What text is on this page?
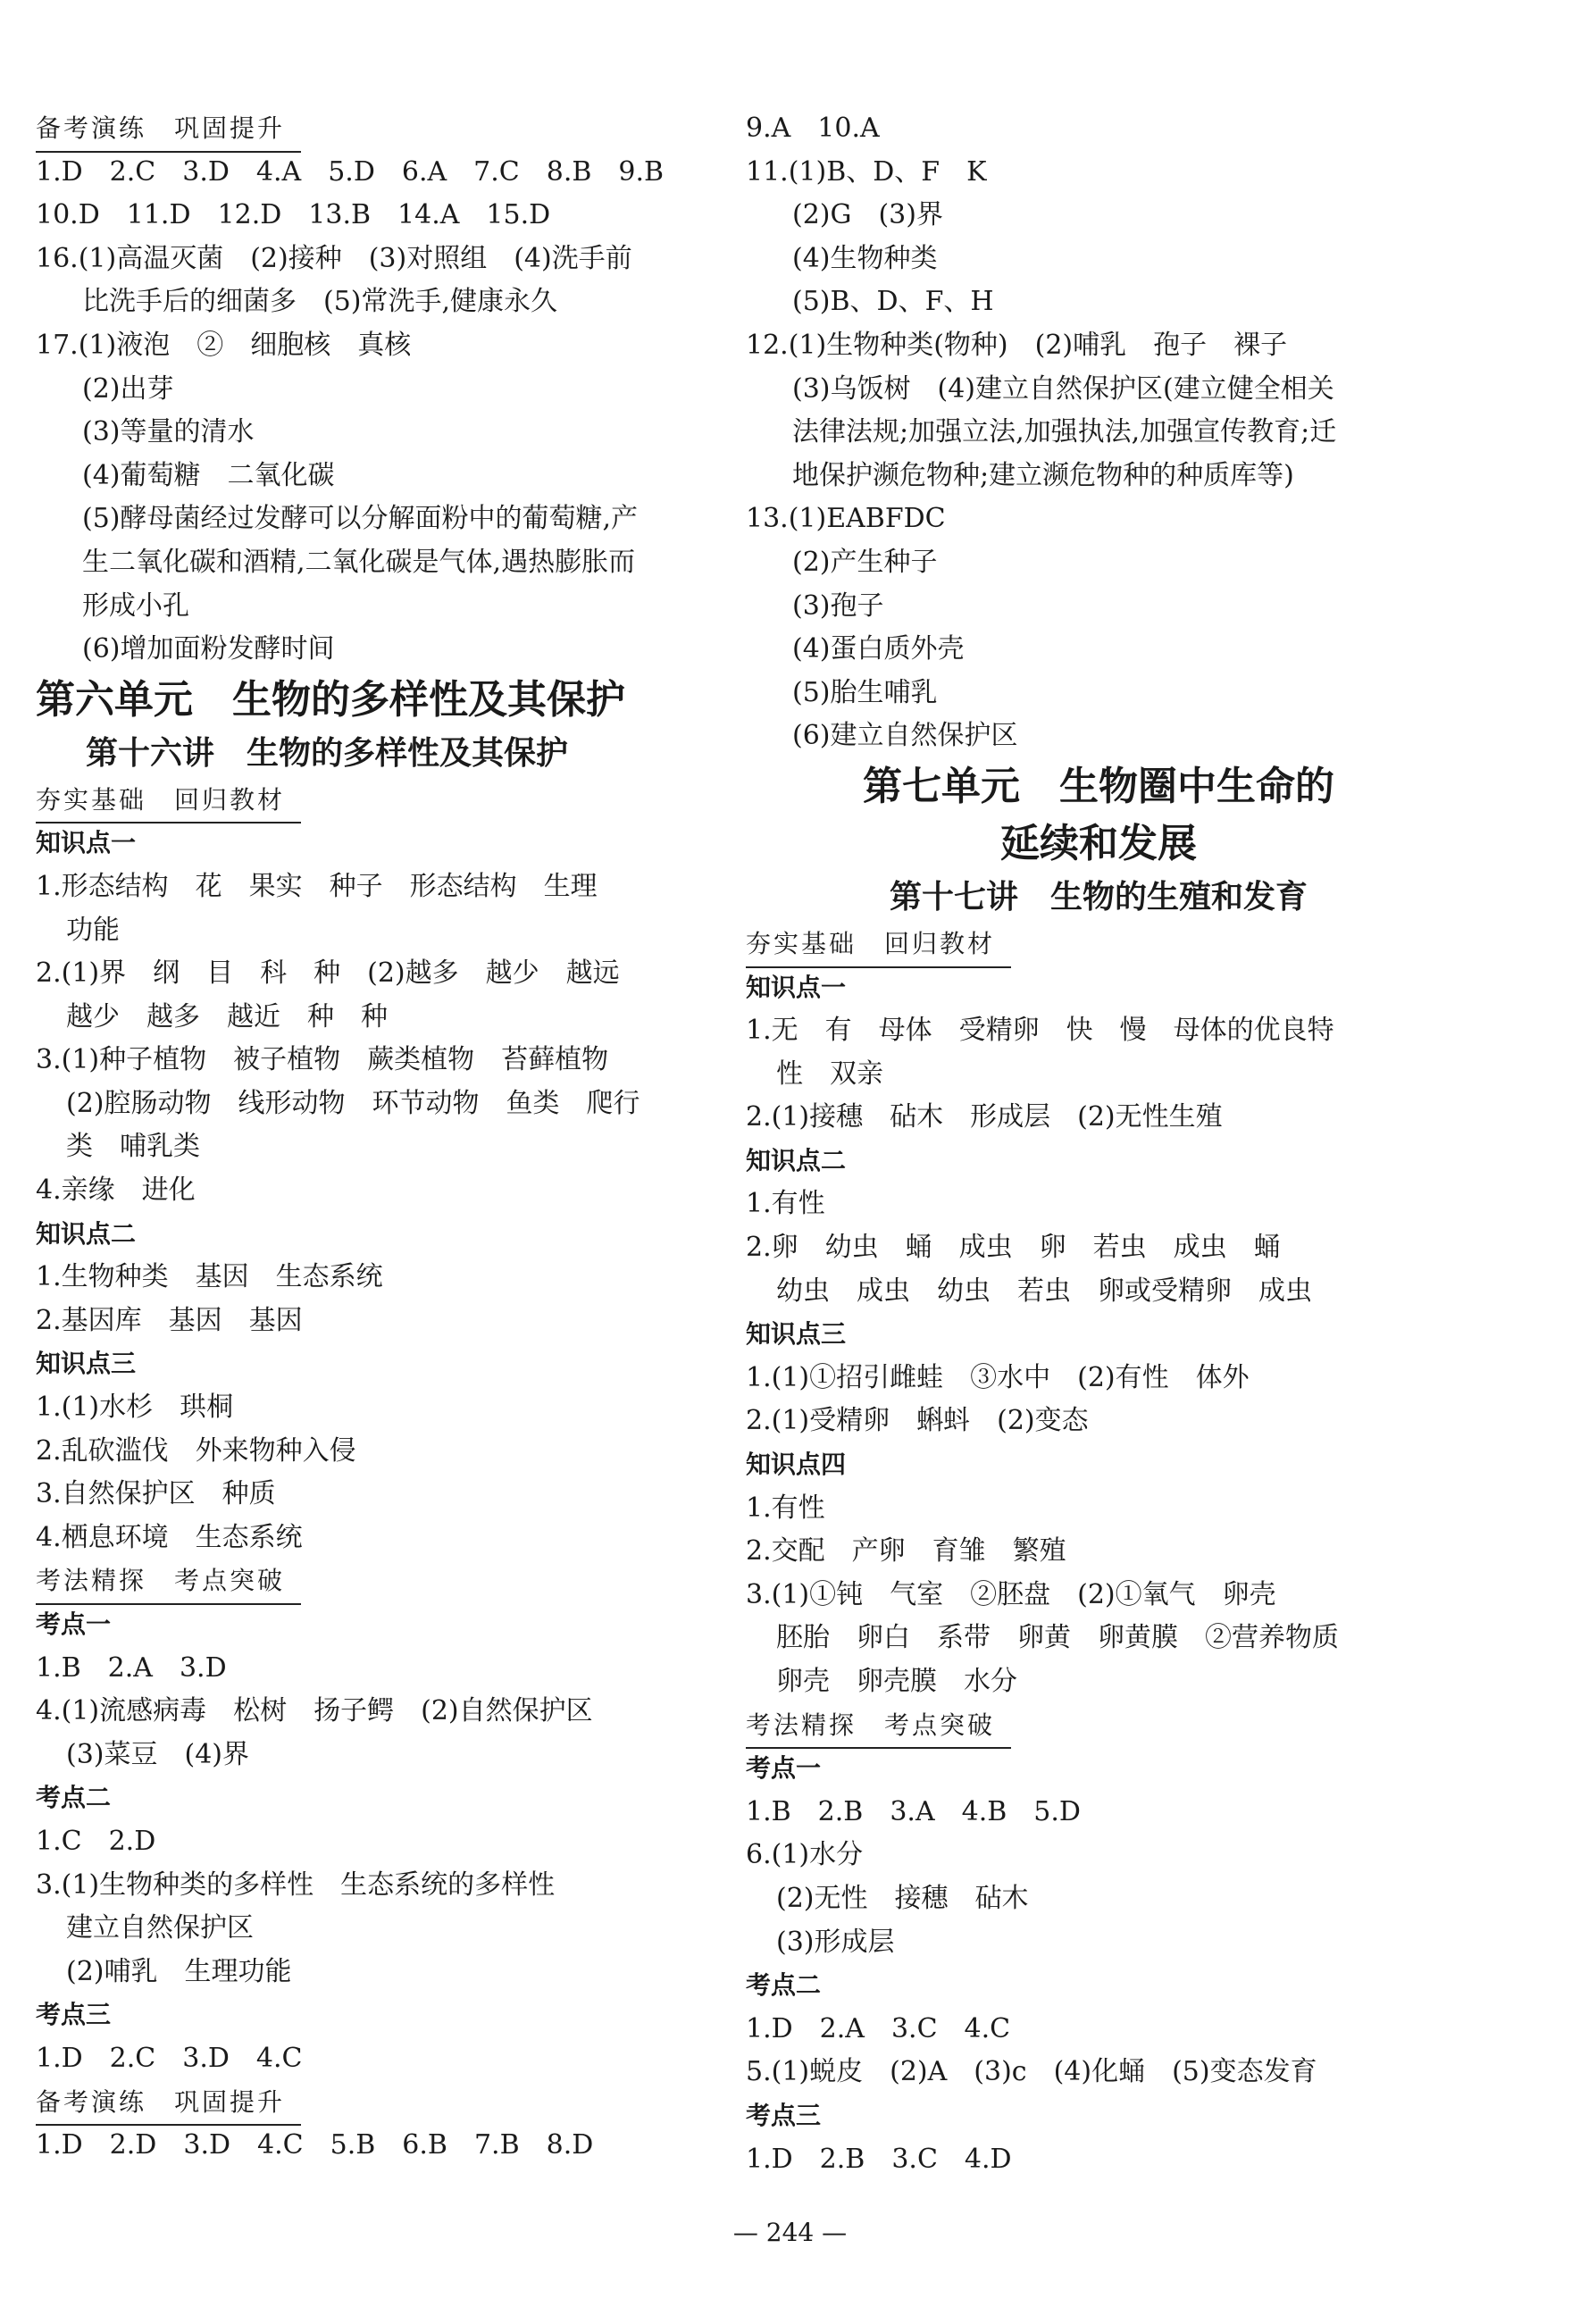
备考演练　巩固提升
1.D　2.C　3.D　4.A　5.D　6.A　7.C　8.B　9.B
10.D　11.D　12.D　13.B　14.A　15.D
16.(1)高温灭菌　(2)接种　(3)对照组　(4)洗手前
比洗手后的细菌多　(5)常洗手,健康永久
17.(1)液泡　②　细胞核　真核
(2)出芽
(3)等量的清水
(4)葡萄糖　二氧化碳
(5)酵母菌经过发酵可以分解面粉中的葡萄糖,产
生二氧化碳和酒精,二氧化碳是气体,遇热膨胀而
形成小孔
(6)增加面粉发酵时间
第六单元　生物的多样性及其保护
第十六讲　生物的多样性及其保护
夯实基础　回归教材
知识点一
1.形态结构　花　果实　种子　形态结构　生理
功能
2.(1)界　纲　目　科　种　(2)越多　越少　越远
越少　越多　越近　种　种
3.(1)种子植物　被子植物　蕨类植物　苔藓植物
(2)腔肠动物　线形动物　环节动物　鱼类　爬行
类　哺乳类
4.亲缘　进化
知识点二
1.生物种类　基因　生态系统
2.基因库　基因　基因
知识点三
1.(1)水杉　珙桐
2.乱砍滥伐　外来物种入侵
3.自然保护区　种质
4.栖息环境　生态系统
考法精探　考点突破
考点一
1.B　2.A　3.D
4.(1)流感病毒　松树　扬子鳄　(2)自然保护区
(3)菜豆　(4)界
考点二
1.C　2.D
3.(1)生物种类的多样性　生态系统的多样性
建立自然保护区
(2)哺乳　生理功能
考点三
1.D　2.C　3.D　4.C
备考演练　巩固提升
1.D　2.D　3.D　4.C　5.B　6.B　7.B　8.D
9.A　10.A
11.(1)B、D、F　K
(2)G　(3)界
(4)生物种类
(5)B、D、F、H
12.(1)生物种类(物种)　(2)哺乳　孢子　裸子
(3)乌饭树　(4)建立自然保护区(建立健全相关
法律法规;加强立法,加强执法,加强宣传教育;迁
地保护濒危物种;建立濒危物种的种质库等)
13.(1)EABFDC
(2)产生种子
(3)孢子
(4)蛋白质外壳
(5)胎生哺乳
(6)建立自然保护区
第七单元　生物圈中生命的
延续和发展
第十七讲　生物的生殖和发育
夯实基础　回归教材
知识点一
1.无　有　母体　受精卵　快　慢　母体的优良特
性　双亲
2.(1)接穗　砧木　形成层　(2)无性生殖
知识点二
1.有性
2.卵　幼虫　蛹　成虫　卵　若虫　成虫　蛹
幼虫　成虫　幼虫　若虫　卵或受精卵　成虫
知识点三
1.(1)①招引雌蛙　③水中　(2)有性　体外
2.(1)受精卵　蝌蚪　(2)变态
知识点四
1.有性
2.交配　产卵　育雏　繁殖
3.(1)①钝　气室　②胚盘　(2)①氧气　卵壳
胚胎　卵白　系带　卵黄　卵黄膜　②营养物质
卵壳　卵壳膜　水分
考法精探　考点突破
考点一
1.B　2.B　3.A　4.B　5.D
6.(1)水分
(2)无性　接穗　砧木
(3)形成层
考点二
1.D　2.A　3.C　4.C
5.(1)蜕皮　(2)A　(3)c　(4)化蛹　(5)变态发育
考点三
1.D　2.B　3.C　4.D
— 244 —
